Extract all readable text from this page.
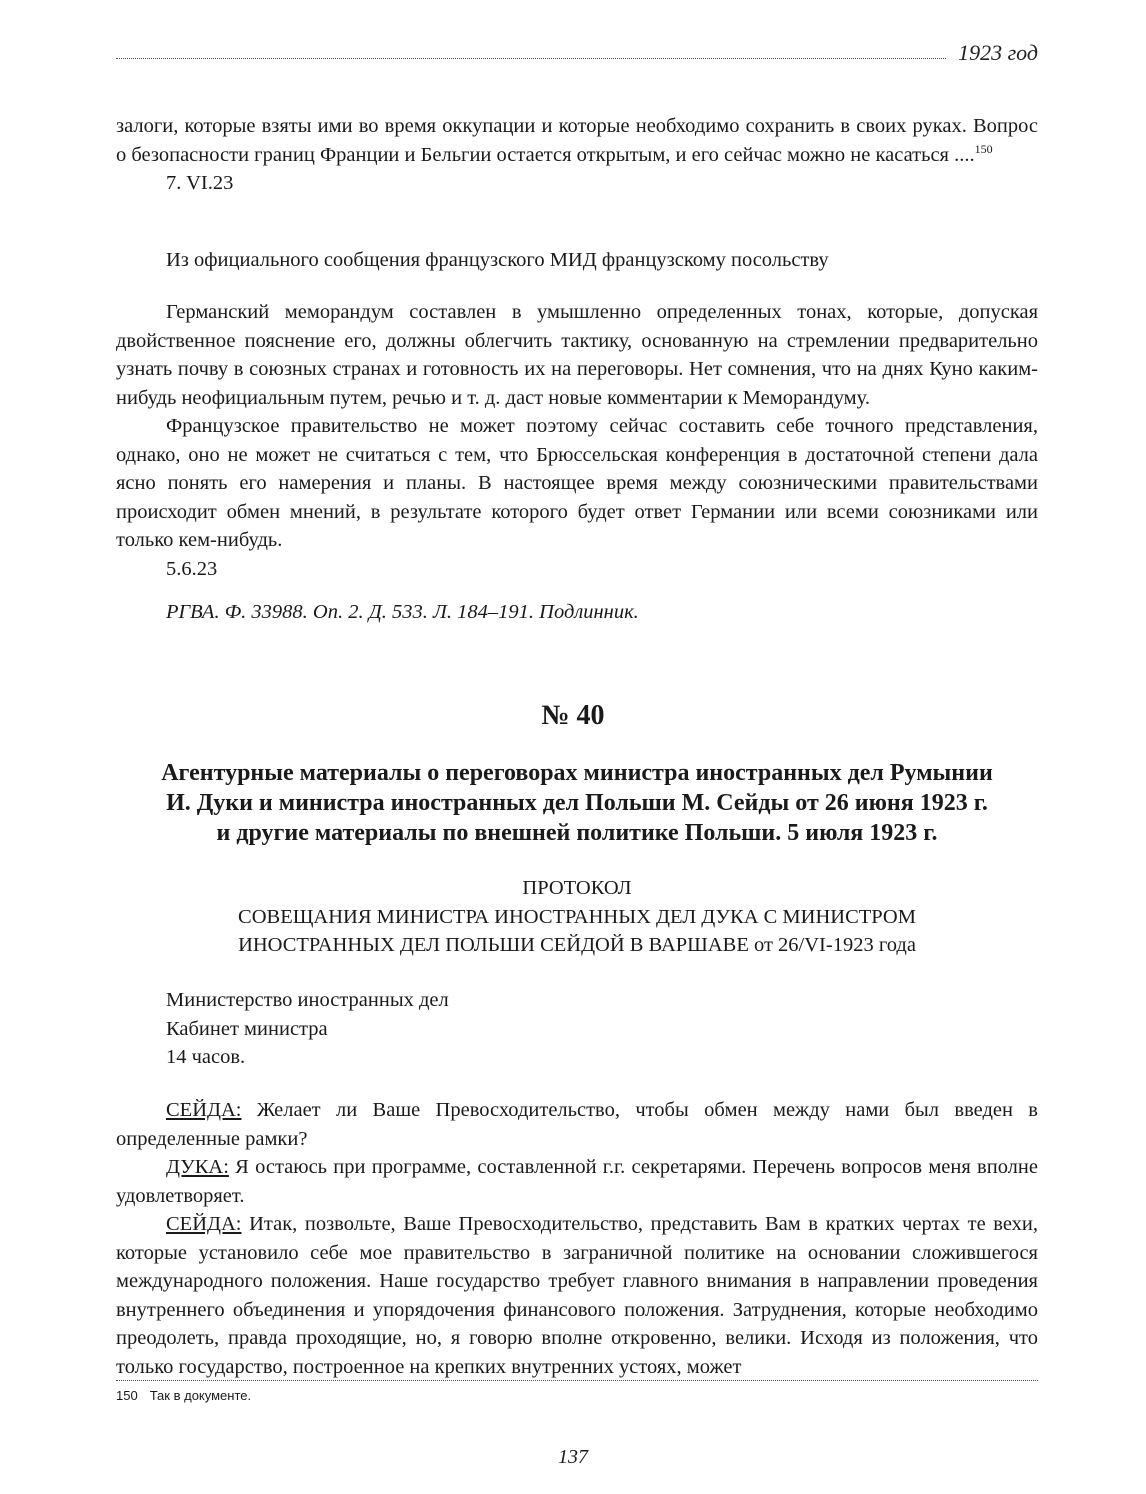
1923 год
залоги, которые взяты ими во время оккупации и которые необходимо сохранить в своих руках. Вопрос о безопасности границ Франции и Бельгии остается открытым, и его сейчас можно не касаться ....$^{150}$
7. VI.23
Из официального сообщения французского МИД французскому посольству

Германский меморандум составлен в умышленно определенных тонах, которые, допуская двойственное пояснение его, должны облегчить тактику, основанную на стремлении предварительно узнать почву в союзных странах и готовность их на переговоры. Нет сомнения, что на днях Куно каким-нибудь неофициальным путем, речью и т. д. даст новые комментарии к Меморандуму.

Французское правительство не может поэтому сейчас составить себе точного представления, однако, оно не может не считаться с тем, что Брюссельская конференция в достаточной степени дала ясно понять его намерения и планы. В настоящее время между союзническими правительствами происходит обмен мнений, в результате которого будет ответ Германии или всеми союзниками или только кем-нибудь.

5.6.23
РГВА. Ф. 33988. Оп. 2. Д. 533. Л. 184–191. Подлинник.
№ 40
Агентурные материалы о переговорах министра иностранных дел Румынии
И. Дуки и министра иностранных дел Польши М. Сейды от 26 июня 1923 г.
и другие материалы по внешней политике Польши. 5 июля 1923 г.
ПРОТОКОЛ
СОВЕЩАНИЯ МИНИСТРА ИНОСТРАННЫХ ДЕЛ ДУКА С МИНИСТРОМ
ИНОСТРАННЫХ ДЕЛ ПОЛЬШИ СЕЙДОЙ В ВАРШАВЕ от 26/VI-1923 года
Министерство иностранных дел
Кабинет министра
14 часов.

СЕЙДА: Желает ли Ваше Превосходительство, чтобы обмен между нами был введен в определенные рамки?

ДУКА: Я остаюсь при программе, составленной г.г. секретарями. Перечень вопросов меня вполне удовлетворяет.

СЕЙДА: Итак, позвольте, Ваше Превосходительство, представить Вам в кратких чертах те вехи, которые установило себе мое правительство в заграничной политике на основании сложившегося международного положения. Наше государство требует главного внимания в направлении проведения внутреннего объединения и упорядочения финансового положения. Затруднения, которые необходимо преодолеть, правда проходящие, но, я говорю вполне откровенно, велики. Исходя из положения, что только государство, построенное на крепких внутренних устоях, может

150 Так в документе.
137
